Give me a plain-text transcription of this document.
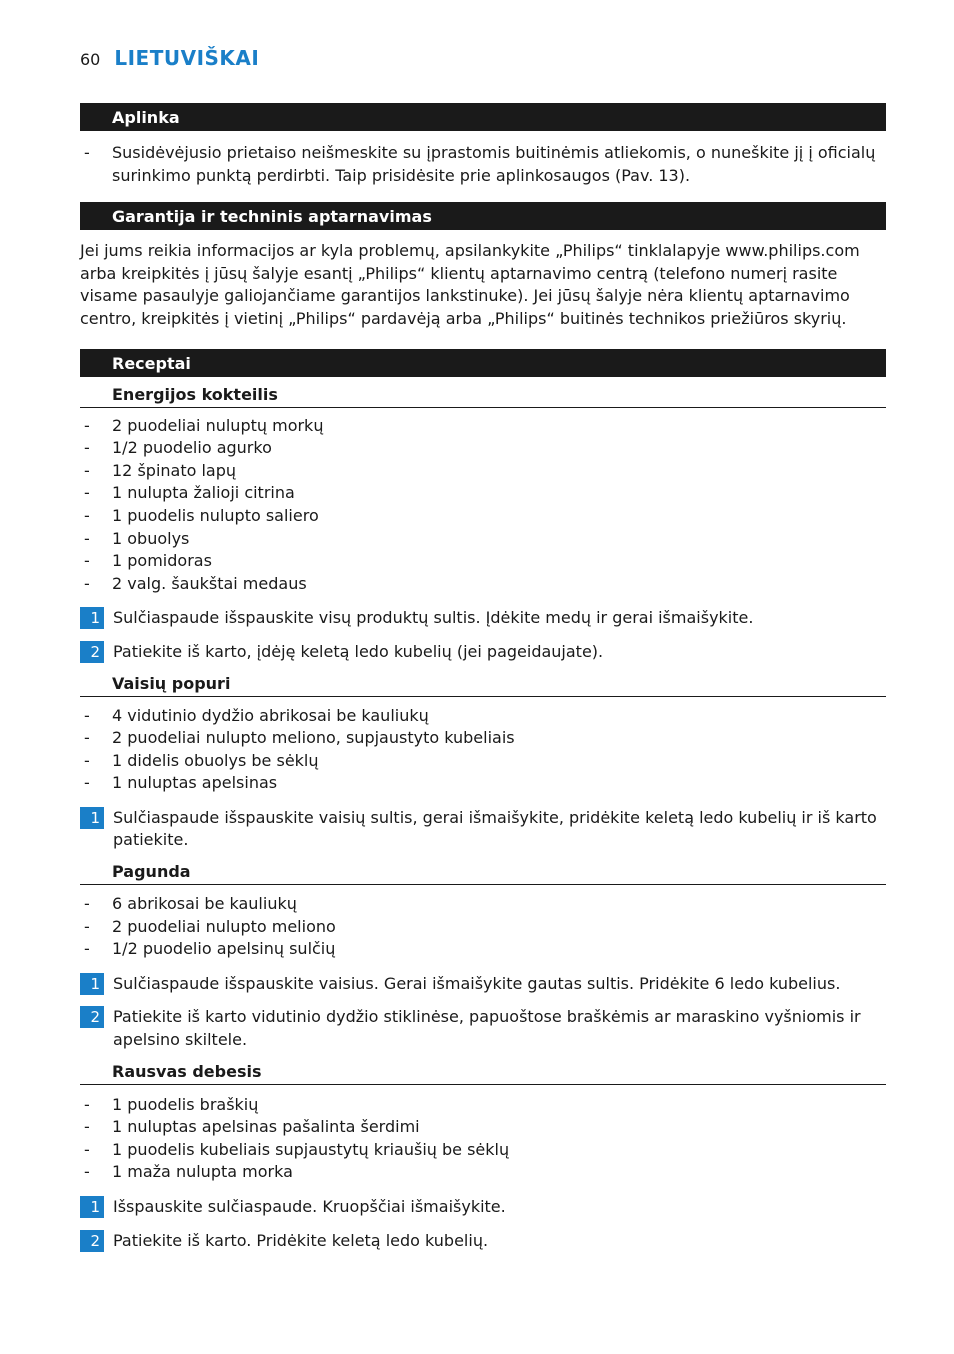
60 LIETUVIŠKAI
Aplinka
- Susidėvėjusio prietaiso neišmeskite su įprastomis buitinėmis atliekomis, o nuneškite jį į oficialų surinkimo punktą perdirbti. Taip prisidėsite prie aplinkosaugos (Pav. 13).
Garantija ir techninis aptarnavimas

Jei jums reikia informacijos ar kyla problemų, apsilankykite „Philips“ tinklalapyje www.philips.com arba kreipkitės į jūsų šalyje esantį „Philips“ klientų aptarnavimo centrą (telefono numerį rasite visame pasaulyje galiojančiame garantijos lankstinuke). Jei jūsų šalyje nėra klientų aptarnavimo centro, kreipkitės į vietinį „Philips“ pardavėją arba „Philips“ buitinės technikos priežiūros skyrių.

Receptai
Energijos kokteilis
- 2 puodeliai nuluptų morkų
- 1/2 puodelio agurko
- 12 špinato lapų
- 1 nulupta žalioji citrina
- 1 puodelis nulupto saliero
- 1 obuolys
- 1 pomidoras
- 2 valg. šaukštai medaus
1 Sulčiaspaude išspauskite visų produktų sultis. Įdėkite medų ir gerai išmaišykite.
2 Patiekite iš karto, įdėję keletą ledo kubelių (jei pageidaujate).
Vaisių popuri
- 4 vidutinio dydžio abrikosai be kauliukų
- 2 puodeliai nulupto meliono, supjaustyto kubeliais
- 1 didelis obuolys be sėklų
- 1 nuluptas apelsinas
1 Sulčiaspaude išspauskite vaisių sultis, gerai išmaišykite, pridėkite keletą ledo kubelių ir iš karto patiekite.
Pagunda
- 6 abrikosai be kauliukų
- 2 puodeliai nulupto meliono
- 1/2 puodelio apelsinų sulčių
1 Sulčiaspaude išspauskite vaisius. Gerai išmaišykite gautas sultis. Pridėkite 6 ledo kubelius.
2 Patiekite iš karto vidutinio dydžio stiklinėse, papuoštose braškėmis ar maraskino vyšniomis ir apelsino skiltele.
Rausvas debesis
- 1 puodelis braškių
- 1 nuluptas apelsinas pašalinta šerdimi
- 1 puodelis kubeliais supjaustytų kriaušių be sėklų
- 1 maža nulupta morka
1 Išspauskite sulčiaspaude. Kruopščiai išmaišykite.
2 Patiekite iš karto. Pridėkite keletą ledo kubelių.
